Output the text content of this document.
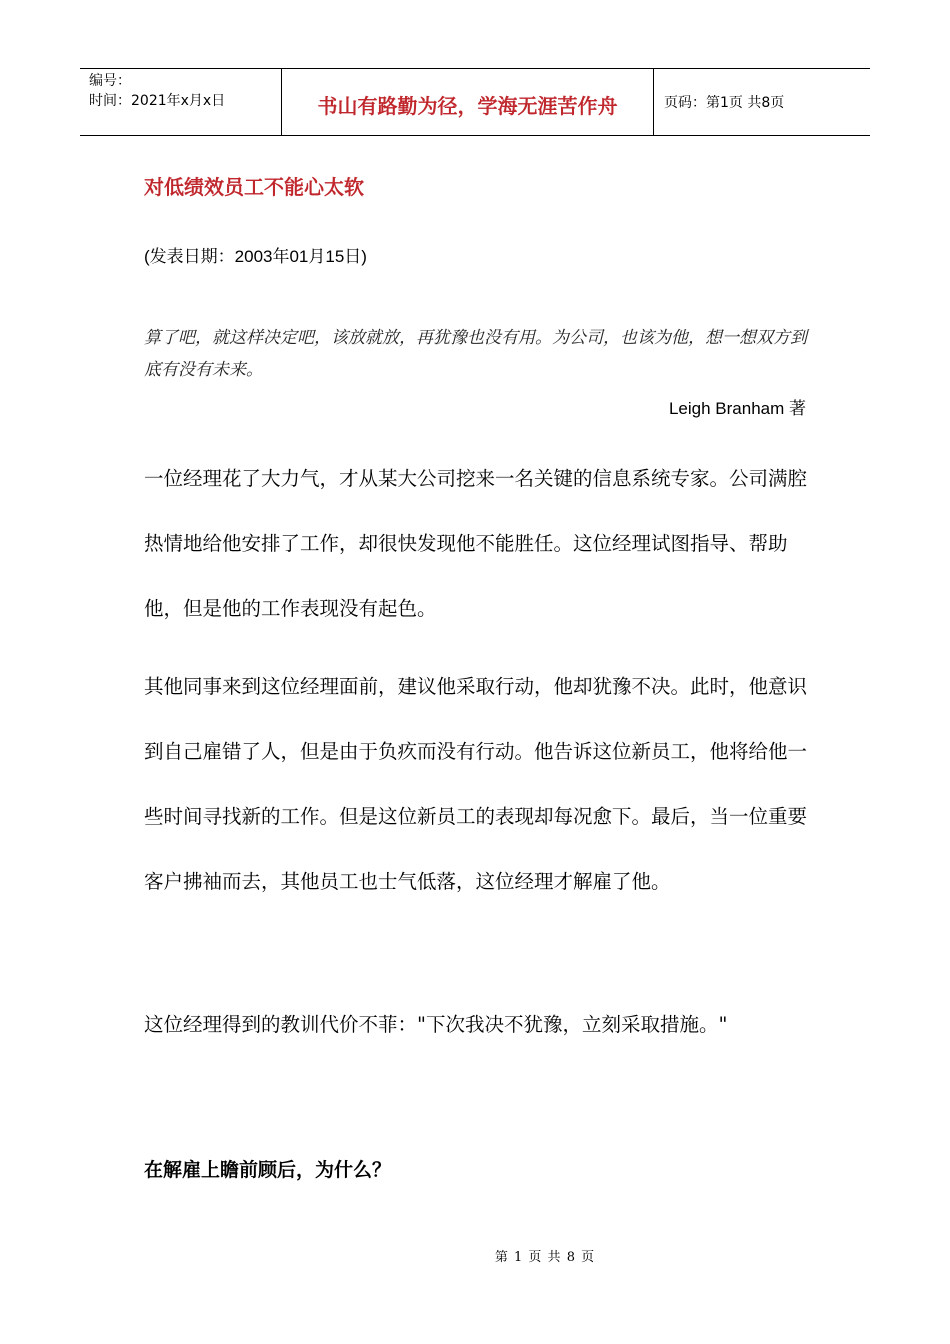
编号：
时间：2021年x月x日	书山有路勤为径，学海无涯苦作舟	页码：第1页 共8页
对低绩效员工不能心太软
(发表日期：2003年01月15日)
算了吧，就这样决定吧，该放就放，再犹豫也没有用。为公司，也该为他，想一想双方到底有没有未来。
Leigh Branham 著

一位经理花了大力气，才从某大公司挖来一名关键的信息系统专家。公司满腔热情地给他安排了工作，却很快发现他不能胜任。这位经理试图指导、帮助他，但是他的工作表现没有起色。

其他同事来到这位经理面前，建议他采取行动，他却犹豫不决。此时，他意识到自己雇错了人，但是由于负疚而没有行动。他告诉这位新员工，他将给他一些时间寻找新的工作。但是这位新员工的表现却每况愈下。最后，当一位重要客户拂袖而去，其他员工也士气低落，这位经理才解雇了他。

这位经理得到的教训代价不菲："下次我决不犹豫，立刻采取措施。"

在解雇上瞻前顾后，为什么？
第 1 页 共 8 页
